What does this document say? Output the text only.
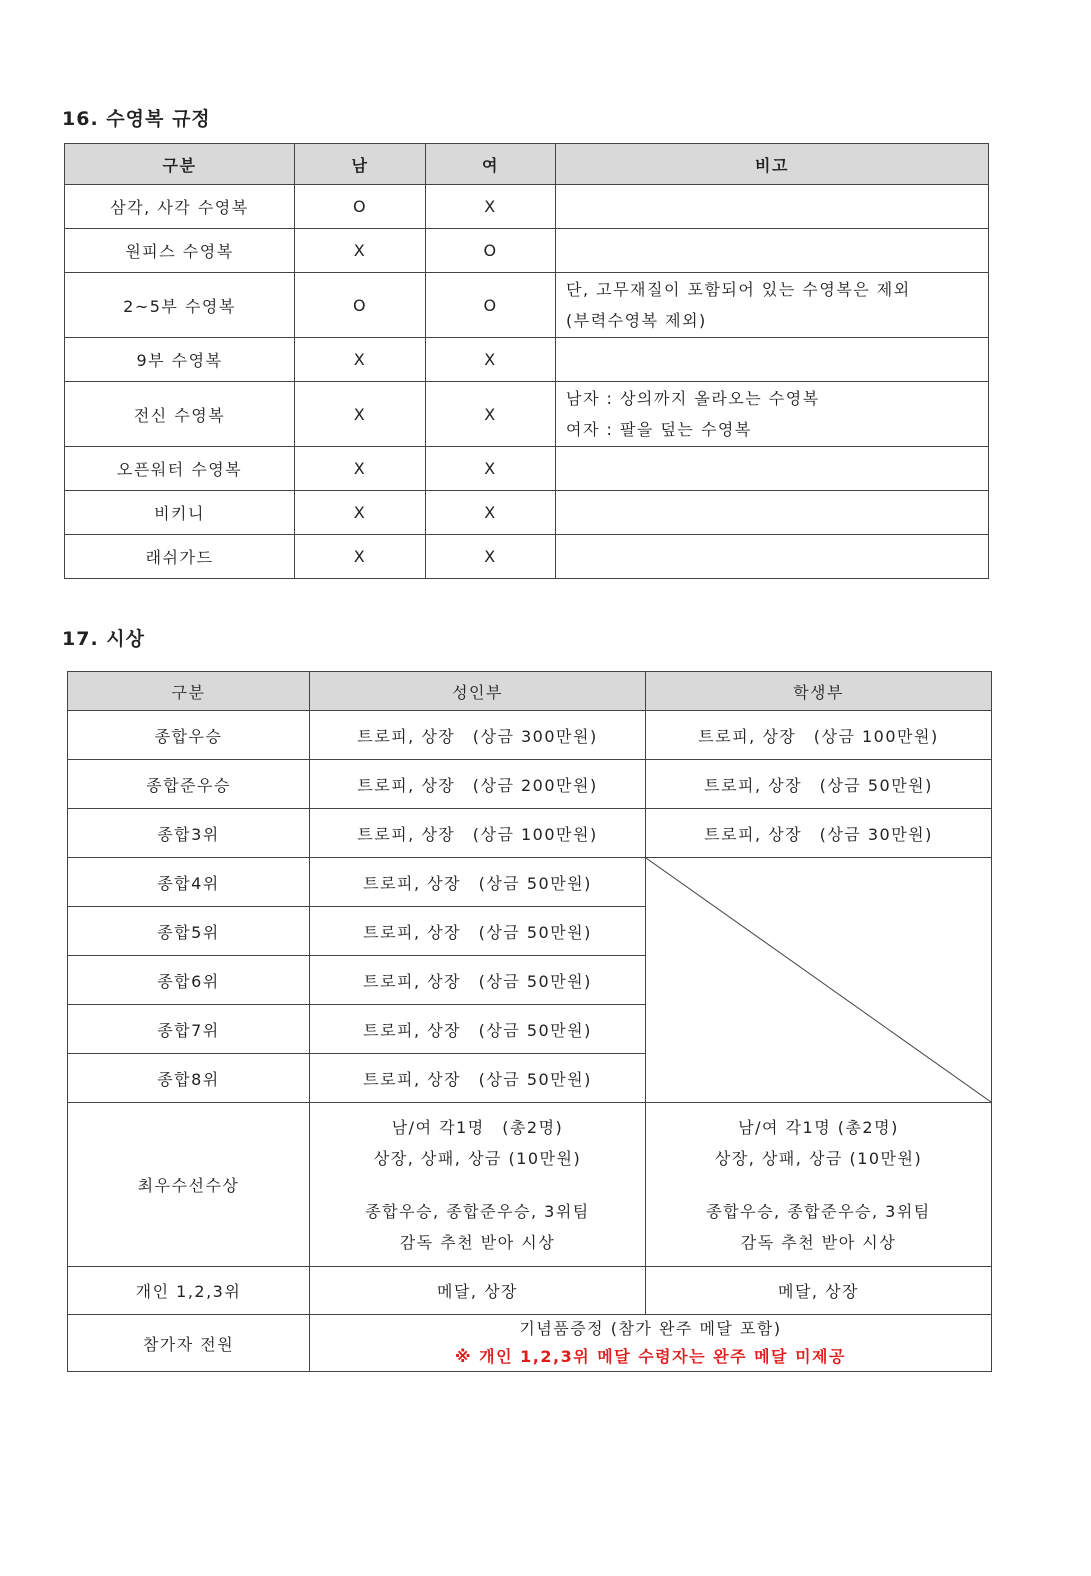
16. 수영복 규정
구분	남	여	비고
삼각, 사각 수영복	O	X	
원피스 수영복	X	O	
2~5부 수영복	O	O	단, 고무재질이 포함되어 있는 수영복은 제외
(부력수영복 제외)

9부 수영복	X	X	
전신 수영복	X	X	남자 : 상의까지 올라오는 수영복
여자 : 팔을 덮는 수영복

오픈워터 수영복	X	X	
비키니	X	X	
래쉬가드	X	X	
17. 시상
구분	성인부	학생부
종합우승	트로피, 상장　(상금 300만원)	트로피, 상장　(상금 100만원)
종합준우승	트로피, 상장　(상금 200만원)	트로피, 상장　(상금 50만원)
종합3위	트로피, 상장　(상금 100만원)	트로피, 상장　(상금 30만원)
종합4위	트로피, 상장　(상금 50만원)	

종합5위	트로피, 상장　(상금 50만원)	
종합6위	트로피, 상장　(상금 50만원)	
종합7위	트로피, 상장　(상금 50만원)	
종합8위	트로피, 상장　(상금 50만원)	
최우수선수상	남/여 각1명　(총2명)
상장, 상패, 상금 (10만원)
종합우승, 종합준우승, 3위팀
감독 추천 받아 시상	남/여 각1명 (총2명)
상장, 상패, 상금 (10만원)
종합우승, 종합준우승, 3위팀
감독 추천 받아 시상

개인 1,2,3위	메달, 상장	메달, 상장
참가자 전원	기념품증정 (참가 완주 메달 포함)
※ 개인 1,2,3위 메달 수령자는 완주 메달 미제공	
